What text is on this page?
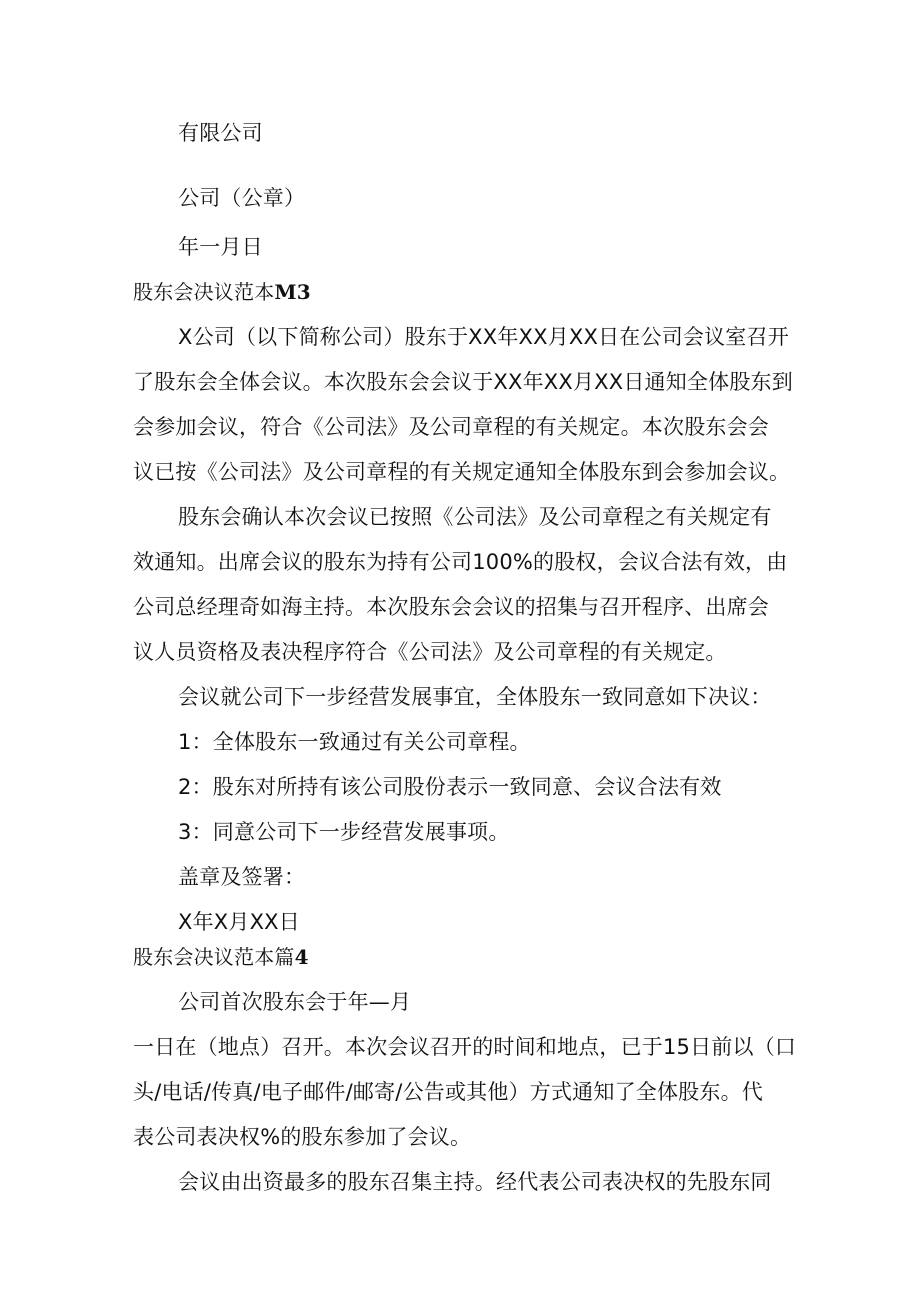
有限公司
公司（公章）
年一月日
股东会决议范本M3
X公司（以下简称公司）股东于XX年XX月XX日在公司会议室召开
了股东会全体会议。本次股东会会议于XX年XX月XX日通知全体股东到
会参加会议，符合《公司法》及公司章程的有关规定。本次股东会会
议已按《公司法》及公司章程的有关规定通知全体股东到会参加会议。
股东会确认本次会议已按照《公司法》及公司章程之有关规定有
效通知。出席会议的股东为持有公司100%的股权，会议合法有效，由
公司总经理奇如海主持。本次股东会会议的招集与召开程序、出席会
议人员资格及表决程序符合《公司法》及公司章程的有关规定。
会议就公司下一步经营发展事宜，全体股东一致同意如下决议：
1：全体股东一致通过有关公司章程。
2：股东对所持有该公司股份表示一致同意、会议合法有效
3：同意公司下一步经营发展事项。
盖章及签署：
X年X月XX日
股东会决议范本篇4
公司首次股东会于年—月
一日在（地点）召开。本次会议召开的时间和地点，已于15日前以（口
头/电话/传真/电子邮件/邮寄/公告或其他）方式通知了全体股东。代
表公司表决权%的股东参加了会议。
会议由出资最多的股东召集主持。经代表公司表决权的先股东同
